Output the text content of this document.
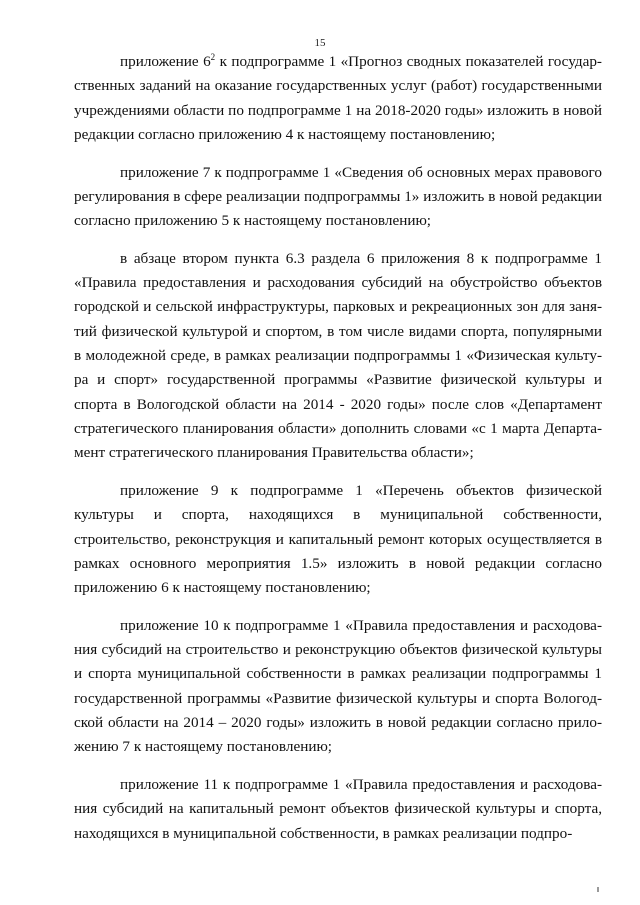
15

приложение $6^2$ к подпрограмме 1 «Прогноз сводных показателей государственных заданий на оказание государственных услуг (работ) государственными учреждениями области по подпрограмме 1 на 2018-2020 годы» изложить в новой редакции согласно приложению 4 к настоящему постановлению;

приложение 7 к подпрограмме 1 «Сведения об основных мерах правового регулирования в сфере реализации подпрограммы 1» изложить в новой редакции согласно приложению 5 к настоящему постановлению;

в абзаце втором пункта 6.3 раздела 6 приложения 8 к подпрограмме 1 «Правила предоставления и расходования субсидий на обустройство объектов городской и сельской инфраструктуры, парковых и рекреационных зон для занятий физической культурой и спортом, в том числе видами спорта, популярными в молодежной среде, в рамках реализации подпрограммы 1 «Физическая культура и спорт» государственной программы «Развитие физической культуры и спорта в Вологодской области на 2014 - 2020 годы» после слов «Департамент стратегического планирования области» дополнить словами «с 1 марта Департамент стратегического планирования Правительства области»;

приложение 9 к подпрограмме 1 «Перечень объектов физической культуры и спорта, находящихся в муниципальной собственности, строительство, реконструкция и капитальный ремонт которых осуществляется в рамках основного мероприятия 1.5» изложить в новой редакции согласно приложению 6 к настоящему постановлению;

приложение 10 к подпрограмме 1 «Правила предоставления и расходования субсидий на строительство и реконструкцию объектов физической культуры и спорта муниципальной собственности в рамках реализации подпрограммы 1 государственной программы «Развитие физической культуры и спорта Вологодской области на 2014 – 2020 годы» изложить в новой редакции согласно приложению 7 к настоящему постановлению;

приложение 11 к подпрограмме 1 «Правила предоставления и расходования субсидий на капитальный ремонт объектов физической культуры и спорта, находящихся в муниципальной собственности, в рамках реализации подпро-
